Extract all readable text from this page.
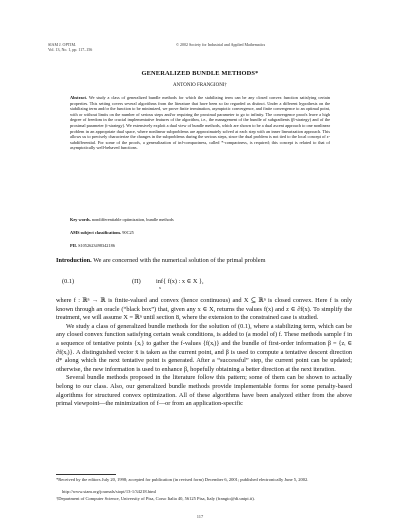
SIAM J. OPTIM.
Vol. 13, No. 1, pp. 117–156
© 2002 Society for Industrial and Applied Mathematics
GENERALIZED BUNDLE METHODS*
ANTONIO FRANGIONI†
Abstract. We study a class of generalized bundle methods for which the stabilizing term can be any closed convex function satisfying certain properties. This setting covers several algorithms from the literature that have been so far regarded as distinct. Under a different hypothesis on the stabilizing term and/or the function to be minimized, we prove finite termination, asymptotic convergence, and finite convergence to an optimal point, with or without limits on the number of serious steps and/or requiring the proximal parameter to go to infinity. The convergence proofs leave a high degree of freedom in the crucial implementative features of the algorithm, i.e., the management of the bundle of subgradients (β-strategy) and of the proximal parameter (t-strategy). We extensively exploit a dual view of bundle methods, which are shown to be a dual ascent approach to one nonlinear problem in an appropriate dual space, where nonlinear subproblems are approximately solved at each step with an inner linearization approach. This allows us to precisely characterize the changes in the subproblems during the serious steps, since the dual problem is not tied to the local concept of ε-subdifferential. For some of the proofs, a generalization of inf-compactness, called *-compactness, is required; this concept is related to that of asymptotically well-behaved functions.
Key words. nondifferentiable optimization, bundle methods
AMS subject classifications. 90C25
PII. S1052623498342186
Introduction. We are concerned with the numerical solution of the primal problem
(0.1)	(Π) inf{ f(x) : x ∈ X },
x

where f : ℝⁿ → ℝ is finite-valued and convex (hence continuous) and X ⊆ ℝⁿ is closed convex. Here f is only known through an oracle (“black box”) that, given any x ∈ X, returns the values f(x) and z ∈ ∂f(x). To simplify the treatment, we will assume X = ℝⁿ until section 8, where the extension to the constrained case is studied.

We study a class of generalized bundle methods for the solution of (0.1), where a stabilizing term, which can be any closed convex function satisfying certain weak conditions, is added to (a model of) f. These methods sample f in a sequence of tentative points {xᵢ} to gather the f-values {f(xᵢ)} and the bundle of first-order information β = {zᵢ ∈ ∂f(xᵢ)}. A distinguished vector x̄ is taken as the current point, and β is used to compute a tentative descent direction d* along which the next tentative point is generated. After a “successful” step, the current point can be updated; otherwise, the new information is used to enhance β, hopefully obtaining a better direction at the next iteration.

Several bundle methods proposed in the literature follow this pattern; some of them can be shown to actually belong to our class. Also, our generalized bundle methods provide implementable forms for some penalty-based algorithms for structured convex optimization. All of these algorithms have been analyzed either from the above primal viewpoint—the minimization of f—or from an application-specific

*Received by the editors July 20, 1998; accepted for publication (in revised form) December 6, 2001; published electronically June 5, 2002.
http://www.siam.org/journals/siopt/13-1/34218.html
†Department of Computer Science, University of Pisa, Corso Italia 40, 56125 Pisa, Italy (frangio@di.unipi.it).
117
